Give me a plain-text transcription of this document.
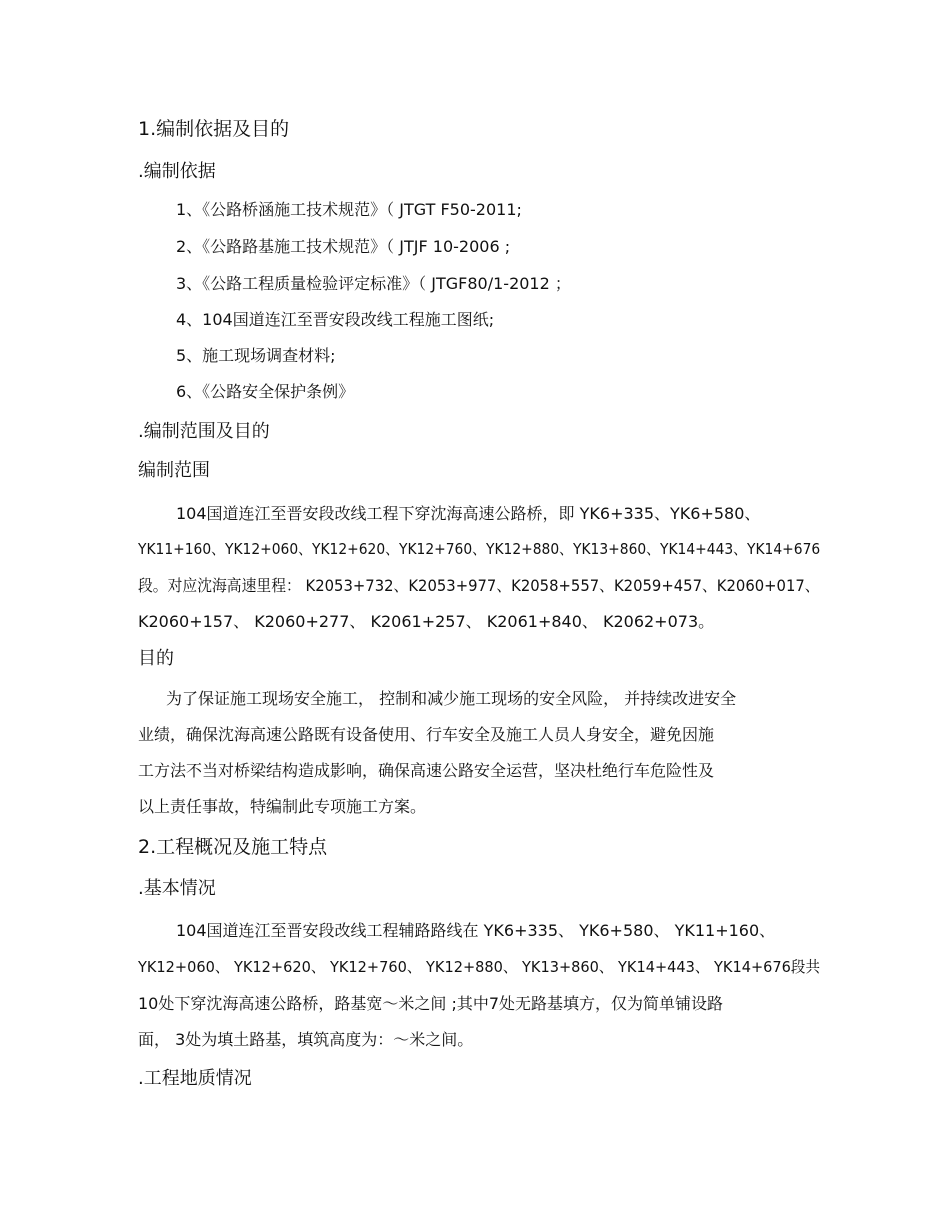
1.编制依据及目的
.编制依据
1、《公路桥涵施工技术规范》（ JTGT F50-2011;
2、《公路路基施工技术规范》（ JTJF 10-2006 ;
3、《公路工程质量检验评定标准》（ JTGF80/1-2012 ；
4、104国道连江至晋安段改线工程施工图纸;
5、施工现场调查材料;
6、《公路安全保护条例》
.编制范围及目的
编制范围
104国道连江至晋安段改线工程下穿沈海高速公路桥，即 YK6+335、YK6+580、
YK11+160、YK12+060、YK12+620、YK12+760、YK12+880、YK13+860、YK14+443、YK14+676
段。对应沈海高速里程： K2053+732、K2053+977、K2058+557、K2059+457、K2060+017、
K2060+157、 K2060+277、 K2061+257、 K2061+840、 K2062+073。
目的
为了保证施工现场安全施工， 控制和减少施工现场的安全风险， 并持续改进安全
业绩，确保沈海高速公路既有设备使用、行车安全及施工人员人身安全，避免因施
工方法不当对桥梁结构造成影响，确保高速公路安全运营，坚决杜绝行车危险性及
以上责任事故，特编制此专项施工方案。
2.工程概况及施工特点
.基本情况
104国道连江至晋安段改线工程辅路路线在 YK6+335、 YK6+580、 YK11+160、
YK12+060、 YK12+620、 YK12+760、 YK12+880、 YK13+860、 YK14+443、 YK14+676段共
10处下穿沈海高速公路桥，路基宽～米之间 ;其中7处无路基填方，仅为简单铺设路
面， 3处为填土路基，填筑高度为：～米之间。
.工程地质情况
